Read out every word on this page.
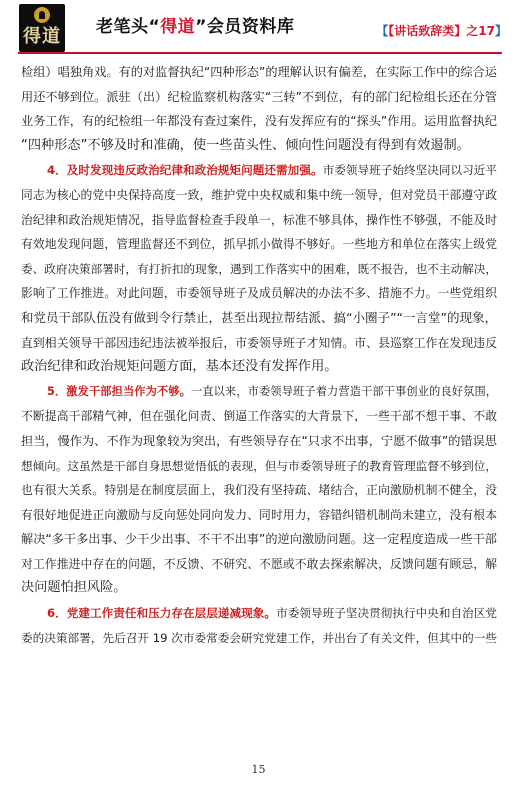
得道 老笔头“得道”会员资料库	【【讲话致辞类】之17】
检组）唱独角戏。有的对监督执纪“四种形态”的理解认识有偏差，在实际工作中的综合运
用还不够到位。派驻（出）纪检监察机构落实“三转”不到位，有的部门纪检组长还在分管
业务工作，有的纪检组一年都没有查过案件，没有发挥应有的“探头”作用。运用监督执纪
“四种形态”不够及时和准确，使一些苗头性、倾向性问题没有得到有效遏制。
4．及时发现违反政治纪律和政治规矩问题还需加强。市委领导班子始终坚决同以习近平
同志为核心的党中央保持高度一致，维护党中央权威和集中统一领导，但对党员干部遵守政
治纪律和政治规矩情况，指导监督检查手段单一，标准不够具体，操作性不够强，不能及时
有效地发现问题，管理监督还不到位，抓早抓小做得不够好。一些地方和单位在落实上级党
委、政府决策部署时，有打折扣的现象，遇到工作落实中的困难，既不报告，也不主动解决，
影响了工作推进。对此问题，市委领导班子及成员解决的办法不多、措施不力。一些党组织
和党员干部队伍没有做到令行禁止，甚至出现拉帮结派、搞“小圈子”“一言堂”的现象，
直到相关领导干部因违纪违法被举报后，市委领导班子才知情。市、县巡察工作在发现违反
政治纪律和政治规矩问题方面，基本还没有发挥作用。
5．激发干部担当作为不够。一直以来，市委领导班子着力营造干部干事创业的良好氛围，
不断提高干部精气神，但在强化问责、倒逼工作落实的大背景下，一些干部不想干事、不敢
担当，慢作为、不作为现象较为突出，有些领导存在“只求不出事，宁愿不做事”的错误思
想倾向。这虽然是干部自身思想觉悟低的表现，但与市委领导班子的教育管理监督不够到位，
也有很大关系。特别是在制度层面上，我们没有坚持疏、堵结合，正向激励机制不健全，没
有很好地促进正向激励与反向惩处同向发力、同时用力，容错纠错机制尚未建立，没有根本
解决“多干多出事、少干少出事、不干不出事”的逆向激励问题。这一定程度造成一些干部
对工作推进中存在的问题，不反馈、不研究、不愿或不敢去探索解决，反馈问题有顾忌，解
决问题怕担风险。
6．党建工作责任和压力存在层层递减现象。市委领导班子坚决贯彻执行中央和自治区党
委的决策部署，先后召开 19 次市委常委会研究党建工作，并出台了有关文件，但其中的一些
15
